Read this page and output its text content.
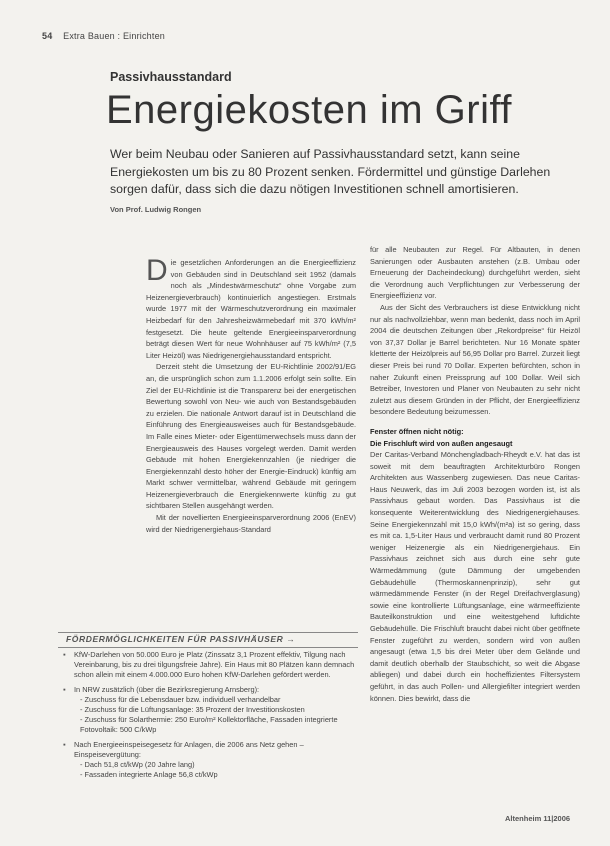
54 Extra Bauen : Einrichten
Passivhausstandard
Energiekosten im Griff
Wer beim Neubau oder Sanieren auf Passivhausstandard setzt, kann seine Energiekosten um bis zu 80 Prozent senken. Fördermittel und günstige Darlehen sorgen dafür, dass sich die dazu nötigen Investitionen schnell amortisieren.
Von Prof. Ludwig Rongen

Die gesetzlichen Anforderungen an die Energieeffizienz von Gebäuden sind in Deutschland seit 1952 (damals noch als „Mindestwärmeschutz“ ohne Vorgabe zum Heizenergieverbrauch) kontinuierlich angestiegen. Erstmals wurde 1977 mit der Wärmeschutzverordnung ein maximaler Heizbedarf für den Jahresheizwärmebedarf mit 370 kWh/m² festgesetzt. Die heute geltende Energieeinsparverordnung beträgt diesen Wert für neue Wohnhäuser auf 75 kWh/m² (7,5 Liter Heizöl) was Niedrigenergiehausstandard entspricht.

Derzeit steht die Umsetzung der EU-Richtlinie 2002/91/EG an, die ursprünglich schon zum 1.1.2006 erfolgt sein sollte. Ein Ziel der EU-Richtlinie ist die Transparenz bei der energetischen Bewertung sowohl von Neu- wie auch von Bestandsgebäuden zu erzielen. Die nationale Antwort darauf ist in Deutschland die Einführung des Energieausweises auch für Bestandsgebäude. Im Falle eines Mieter- oder Eigentümerwechsels muss dann der Energieausweis des Hauses vorgelegt werden. Damit werden Gebäude mit hohen Energiekennzahlen (je niedriger die Energiekennzahl desto höher der Energie-Eindruck) künftig am Markt schwer vermittelbar, während Gebäude mit geringem Heizenergieverbrauch die Energiekennwerte künftig zu gut sichtbaren Stellen ausgehängt werden.

Mit der novellierten Energieeinsparverordnung 2006 (EnEV) wird der Niedrigenergiehaus-Standard

für alle Neubauten zur Regel. Für Altbauten, in denen Sanierungen oder Ausbauten anstehen (z.B. Umbau oder Erneuerung der Dacheindeckung) durchgeführt werden, sieht die Verordnung auch Verpflichtungen zur Verbesserung der Energieeffizienz vor.

Aus der Sicht des Verbrauchers ist diese Entwicklung nicht nur als nachvollziehbar, wenn man bedenkt, dass noch im April 2004 die deutschen Zeitungen über „Rekordpreise“ für Heizöl von 37,37 Dollar je Barrel berichteten. Nur 16 Monate später kletterte der Heizölpreis auf 56,95 Dollar pro Barrel. Zurzeit liegt dieser Preis bei rund 70 Dollar. Experten befürchten, schon in naher Zukunft einen Preissprung auf 100 Dollar. Weil sich Betreiber, Investoren und Planer von Neubauten zu sehr nicht zuletzt aus diesem Gründen in der Pflicht, der Energieeffizienz besondere Bedeutung beizumessen.

Fenster öffnen nicht nötig:

Die Frischluft wird von außen angesaugt

Der Caritas-Verband Mönchengladbach-Rheydt e.V. hat das ist soweit mit dem beauftragten Architekturbüro Rongen Architekten aus Wassenberg zugewiesen. Das neue Caritas-Haus Neuwerk, das im Juli 2003 bezogen worden ist, ist als Passivhaus gebaut worden. Das Passivhaus ist die konsequente Weiterentwicklung des Niedrigenergiehauses. Seine Energiekennzahl mit 15,0 kWh/(m²a) ist so gering, dass es mit ca. 1,5-Liter Haus und verbraucht damit rund 80 Prozent weniger Heizenergie als ein Niedrigenergiehaus. Ein Passivhaus zeichnet sich aus durch eine sehr gute Wärmedämmung (gute Dämmung der umgebenden Gebäudehülle (Thermoskannenprinzip), sehr gut wärmedämmende Fenster (in der Regel Dreifachverglasung) sowie eine kontrollierte Lüftungsanlage, eine wärmeeffiziente Bauteilkonstruktion und eine weitestgehend luftdichte Gebäudehülle. Die Frischluft braucht dabei nicht über geöffnete Fenster zugeführt zu werden, sondern wird von außen angesaugt (etwa 1,5 bis drei Meter über dem Gelände und damit deutlich oberhalb der Staubschicht, so weit die Abgase abliegen) und dabei durch ein hocheffizientes Filtersystem geführt, in das auch Pollen- und Allergiefilter integriert werden können. Dies bewirkt, dass die

FÖRDERMÖGLICHKEITEN FÜR PASSIVHÄUSER →
▪ KfW-Darlehen von 50.000 Euro je Platz (Zinssatz 3,1 Prozent effektiv, Tilgung nach Vereinbarung, bis zu drei tilgungsfreie Jahre). Ein Haus mit 80 Plätzen kann demnach schon allein mit einem 4.000.000 Euro hohen KfW-Darlehen gefördert werden.
▪ In NRW zusätzlich (über die Bezirksregierung Arnsberg):
- Zuschuss für die Lebensdauer bzw. individuell verhandelbar
- Zuschuss für die Lüftungsanlage: 35 Prozent der Investitionskosten
- Zuschuss für Solarthermie: 250 Euro/m² Kollektorfläche, Fassaden integrierte Fotovoltaik: 500 C/kWp
▪ Nach Energieeinspeisegesetz für Anlagen, die 2006 ans Netz gehen – Einspeisevergütung:
- Dach 51,8 ct/kWp (20 Jahre lang)
- Fassaden integrierte Anlage 56,8 ct/kWp
Altenheim 11|2006
